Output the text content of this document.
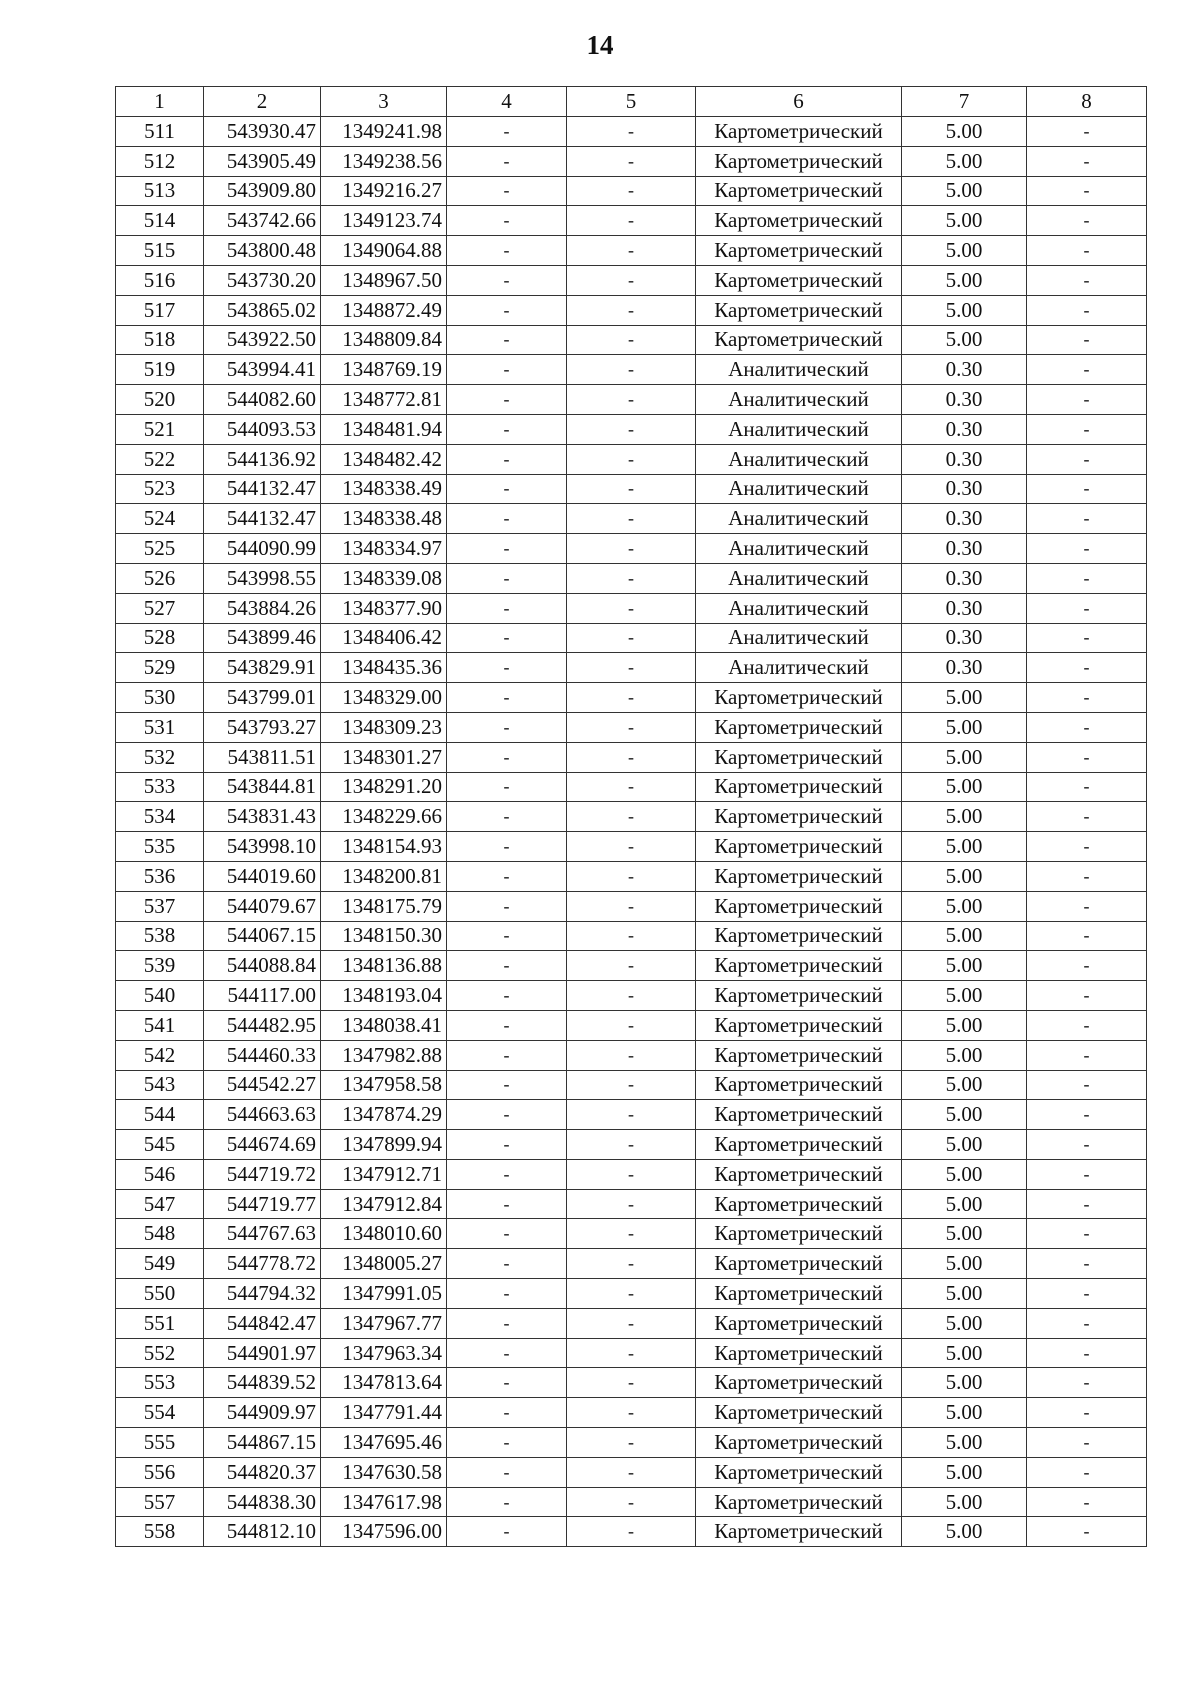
14
1	2	3	4	5	6	7	8
511	543930.47	1349241.98	-	-	Картометрический	5.00	-
512	543905.49	1349238.56	-	-	Картометрический	5.00	-
513	543909.80	1349216.27	-	-	Картометрический	5.00	-
514	543742.66	1349123.74	-	-	Картометрический	5.00	-
515	543800.48	1349064.88	-	-	Картометрический	5.00	-
516	543730.20	1348967.50	-	-	Картометрический	5.00	-
517	543865.02	1348872.49	-	-	Картометрический	5.00	-
518	543922.50	1348809.84	-	-	Картометрический	5.00	-
519	543994.41	1348769.19	-	-	Аналитический	0.30	-
520	544082.60	1348772.81	-	-	Аналитический	0.30	-
521	544093.53	1348481.94	-	-	Аналитический	0.30	-
522	544136.92	1348482.42	-	-	Аналитический	0.30	-
523	544132.47	1348338.49	-	-	Аналитический	0.30	-
524	544132.47	1348338.48	-	-	Аналитический	0.30	-
525	544090.99	1348334.97	-	-	Аналитический	0.30	-
526	543998.55	1348339.08	-	-	Аналитический	0.30	-
527	543884.26	1348377.90	-	-	Аналитический	0.30	-
528	543899.46	1348406.42	-	-	Аналитический	0.30	-
529	543829.91	1348435.36	-	-	Аналитический	0.30	-
530	543799.01	1348329.00	-	-	Картометрический	5.00	-
531	543793.27	1348309.23	-	-	Картометрический	5.00	-
532	543811.51	1348301.27	-	-	Картометрический	5.00	-
533	543844.81	1348291.20	-	-	Картометрический	5.00	-
534	543831.43	1348229.66	-	-	Картометрический	5.00	-
535	543998.10	1348154.93	-	-	Картометрический	5.00	-
536	544019.60	1348200.81	-	-	Картометрический	5.00	-
537	544079.67	1348175.79	-	-	Картометрический	5.00	-
538	544067.15	1348150.30	-	-	Картометрический	5.00	-
539	544088.84	1348136.88	-	-	Картометрический	5.00	-
540	544117.00	1348193.04	-	-	Картометрический	5.00	-
541	544482.95	1348038.41	-	-	Картометрический	5.00	-
542	544460.33	1347982.88	-	-	Картометрический	5.00	-
543	544542.27	1347958.58	-	-	Картометрический	5.00	-
544	544663.63	1347874.29	-	-	Картометрический	5.00	-
545	544674.69	1347899.94	-	-	Картометрический	5.00	-
546	544719.72	1347912.71	-	-	Картометрический	5.00	-
547	544719.77	1347912.84	-	-	Картометрический	5.00	-
548	544767.63	1348010.60	-	-	Картометрический	5.00	-
549	544778.72	1348005.27	-	-	Картометрический	5.00	-
550	544794.32	1347991.05	-	-	Картометрический	5.00	-
551	544842.47	1347967.77	-	-	Картометрический	5.00	-
552	544901.97	1347963.34	-	-	Картометрический	5.00	-
553	544839.52	1347813.64	-	-	Картометрический	5.00	-
554	544909.97	1347791.44	-	-	Картометрический	5.00	-
555	544867.15	1347695.46	-	-	Картометрический	5.00	-
556	544820.37	1347630.58	-	-	Картометрический	5.00	-
557	544838.30	1347617.98	-	-	Картометрический	5.00	-
558	544812.10	1347596.00	-	-	Картометрический	5.00	-
